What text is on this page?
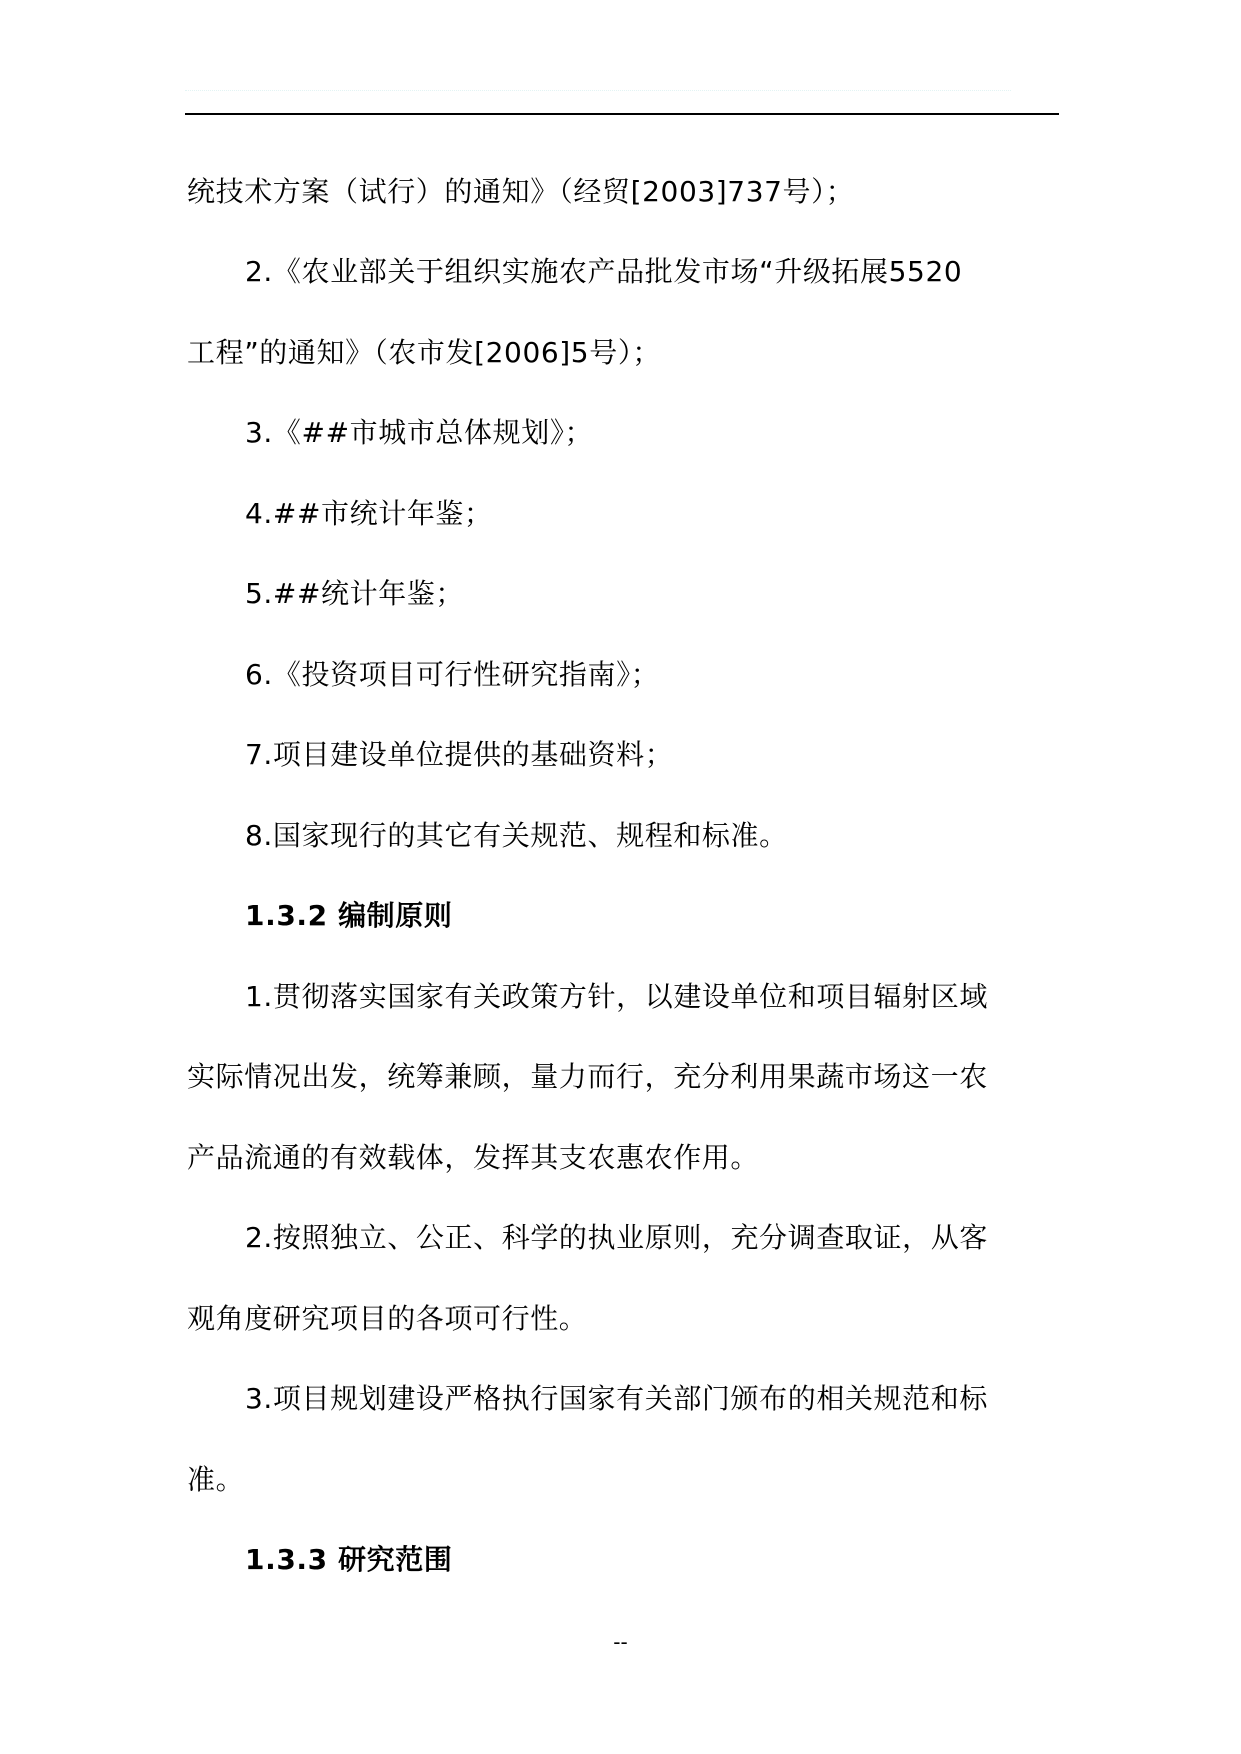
统技术方案（试行）的通知》（经贸[2003]737号）；
2.《农业部关于组织实施农产品批发市场“升级拓展5520
工程”的通知》（农市发[2006]5号）；
3.《##市城市总体规划》；
4.##市统计年鉴；
5.##统计年鉴；
6.《投资项目可行性研究指南》；
7.项目建设单位提供的基础资料；
8.国家现行的其它有关规范、规程和标准。
1.3.2 编制原则
1.贯彻落实国家有关政策方针，以建设单位和项目辐射区域
实际情况出发，统筹兼顾，量力而行，充分利用果蔬市场这一农
产品流通的有效载体，发挥其支农惠农作用。
2.按照独立、公正、科学的执业原则，充分调查取证，从客
观角度研究项目的各项可行性。
3.项目规划建设严格执行国家有关部门颁布的相关规范和标
准。
1.3.3 研究范围
--
